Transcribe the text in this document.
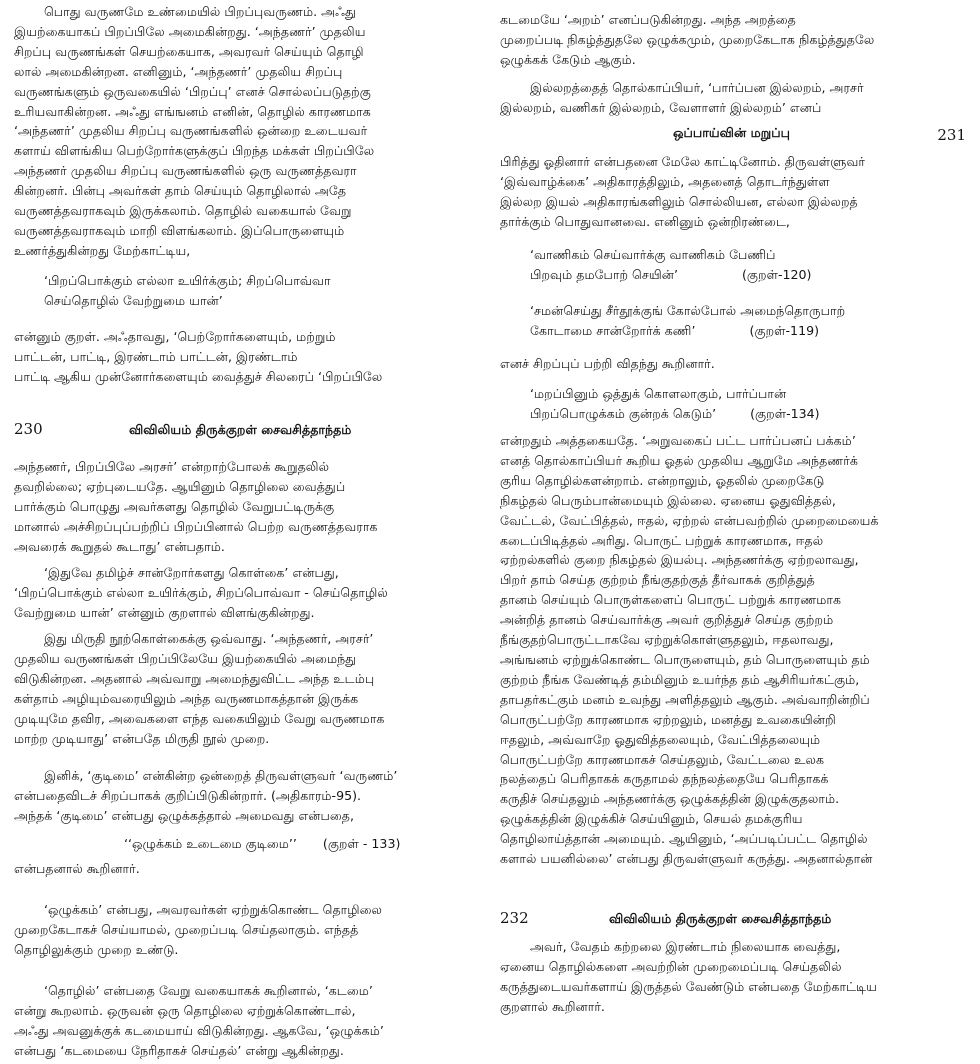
பொது வருணமே உண்மையில் பிறப்புவருணம். அஃது
இயற்கையாகப் பிறப்பிலே அமைகின்றது. ‘அந்தணர்’ முதலிய
சிறப்பு வருணங்கள் செயற்கையாக, அவரவர் செய்யும் தொழி
லால் அமைகின்றன. எனினும், ‘அந்தணர்’ முதலிய சிறப்பு
வருணங்களும் ஒருவகையில் ‘பிறப்பு’ எனச் சொல்லப்படுதற்கு
உரியவாகின்றன. அஃது எங்ஙனம் எனின், தொழில் காரணமாக
‘அந்தணர்’ முதலிய சிறப்பு வருணங்களில் ஒன்றை உடையவர்
களாய் விளங்கிய பெற்றோர்களுக்குப் பிறந்த மக்கள் பிறப்பிலே
அந்தணர் முதலிய சிறப்பு வருணங்களில் ஒரு வருணத்தவரா
கின்றனர். பின்பு அவர்கள் தாம் செய்யும் தொழிலால் அதே
வருணத்தவராகவும் இருக்கலாம். தொழில் வகையால் வேறு
வருணத்தவராகவும் மாறி விளங்கலாம். இப்பொருளையும்
உணர்த்துகின்றது மேற்காட்டிய,
‘பிறப்பொக்கும் எல்லா உயிர்க்கும்; சிறப்பொவ்வா
செய்தொழில் வேற்றுமை யான்’
என்னும் குறள். அஃதாவது, ‘பெற்றோர்களையும், மற்றும்
பாட்டன், பாட்டி, இரண்டாம் பாட்டன், இரண்டாம்
பாட்டி ஆகிய முன்னோர்களையும் வைத்துச் சிலரைப் ‘பிறப்பிலே
230	விவிலியம் திருக்குறள் சைவசித்தாந்தம்
அந்தணர், பிறப்பிலே அரசர்’ என்றாற்போலக் கூறுதலில்
தவறில்லை; ஏற்புடையதே. ஆயினும் தொழிலை வைத்துப்
பார்க்கும் பொழுது அவர்களது தொழில் வேறுபட்டிருக்கு
மானால் அச்சிறப்புப்பற்றிப் பிறப்பினால் பெற்ற வருணத்தவராக
அவரைக் கூறுதல் கூடாது’ என்பதாம்.
‘இதுவே தமிழ்ச் சான்றோர்களது கொள்கை’ என்பது,
‘பிறப்பொக்கும் எல்லா உயிர்க்கும், சிறப்பொவ்வா - செய்தொழில்
வேற்றுமை யான்’ என்னும் குறளால் விளங்குகின்றது.
இது மிருதி நூற்கொள்கைக்கு ஒவ்வாது. ‘அந்தணர், அரசர்’
முதலிய வருணங்கள் பிறப்பிலேயே இயற்கையில் அமைந்து
விடுகின்றன. அதனால் அவ்வாறு அமைந்துவிட்ட அந்த உடம்பு
கள்தாம் அழியும்வரையிலும் அந்த வருணமாகத்தான் இருக்க
முடியுமே தவிர, அவைகளை எந்த வகையிலும் வேறு வருணமாக
மாற்ற முடியாது’ என்பதே மிருதி நூல் முறை.
இனிக், ‘குடிமை’ என்கின்ற ஒன்றைத் திருவள்ளுவர் ‘வருணம்’
என்பதைவிடச் சிறப்பாகக் குறிப்பிடுகின்றார். (அதிகாரம்-95).
அந்தக் ‘குடிமை’ என்பது ஒழுக்கத்தால் அமைவது என்பதை,
‘‘ஒழுக்கம் உடைமை குடிமை’’ (குறள் - 133)
என்பதனால் கூறினார்.
‘ஒழுக்கம்’ என்பது, அவரவர்கள் ஏற்றுக்கொண்ட தொழிலை
முறைகேடாகச் செய்யாமல், முறைப்படி செய்தலாகும். எந்தத்
தொழிலுக்கும் முறை உண்டு.
‘தொழில்’ என்பதை வேறு வகையாகக் கூறினால், ‘கடமை’
என்று கூறலாம். ஒருவன் ஒரு தொழிலை ஏற்றுக்கொண்டால்,
அஃது அவனுக்குக் கடமையாய் விடுகின்றது. ஆகவே, ‘ஒழுக்கம்’
என்பது ‘கடமையை நேரிதாகச் செய்தல்’ என்று ஆகின்றது.
கடமையே ‘அறம்’ எனப்படுகின்றது. அந்த அறத்தை
முறைப்படி நிகழ்த்துதலே ஒழுக்கமும், முறைகேடாக நிகழ்த்துதலே
ஒழுக்கக் கேடும் ஆகும்.
இல்லறத்தைத் தொல்காப்பியர், ‘பார்ப்பன இல்லறம், அரசர்
இல்லறம், வணிகர் இல்லறம், வேளாளர் இல்லறம்’ எனப்
ஒப்பாய்வின் மறுப்பு	231
பிரித்து ஓதினார் என்பதனை மேலே காட்டினோம். திருவள்ளுவர்
‘இவ்வாழ்க்கை’ அதிகாரத்திலும், அதனைத் தொடர்ந்துள்ள
இல்லற இயல் அதிகாரங்களிலும் சொல்லியன, எல்லா இல்லறத்
தார்க்கும் பொதுவானவை. எனினும் ஒன்றிரண்டை,
‘வாணிகம் செய்வார்க்கு வாணிகம் பேணிப்
பிறவும் தமபோற் செயின்’	(குறள்-120)
‘சமன்செய்து சீர்தூக்குங் கோல்போல் அமைந்தொருபாற்
கோடாமை சான்றோர்க் கணி’	(குறள்-119)
எனச் சிறப்புப் பற்றி விதந்து கூறினார்.
‘மறப்பினும் ஒத்துக் கொளலாகும், பார்ப்பான்
பிறப்பொழுக்கம் குன்றக் கெடும்’	(குறள்-134)
என்றதும் அத்தகையதே. ‘அறுவகைப் பட்ட பார்ப்பனப் பக்கம்’
எனத் தொல்காப்பியர் கூறிய ஓதல் முதலிய ஆறுமே அந்தணர்க்
குரிய தொழில்களன்றாம். என்றாலும், ஓதலில் முறைகேடு
நிகழ்தல் பெரும்பான்மையும் இல்லை. ஏனைய ஓதுவித்தல்,
வேட்டல், வேட்பித்தல், ஈதல், ஏற்றல் என்பவற்றில் முறைமையைக்
கடைப்பிடித்தல் அரிது. பொருட் பற்றுக் காரணமாக, ஈதல்
ஏற்றல்களில் குறை நிகழ்தல் இயல்பு. அந்தணர்க்கு ஏற்றலாவது,
பிறர் தாம் செய்த குற்றம் நீங்குதற்குத் தீர்வாகக் குறித்துத்
தானம் செய்யும் பொருள்களைப் பொருட் பற்றுக் காரணமாக
அன்றித் தானம் செய்வார்க்கு அவர் குறித்துச் செய்த குற்றம்
நீங்குதற்பொருட்டாகவே ஏற்றுக்கொள்ளுதலும், ஈதலாவது,
அங்ஙனம் ஏற்றுக்கொண்ட பொருளையும், தம் பொருளையும் தம்
குற்றம் நீங்க வேண்டித் தம்மினும் உயர்ந்த தம் ஆசிரியர்கட்கும்,
தாபதர்கட்கும் மனம் உவந்து அளித்தலும் ஆகும். அவ்வாறின்றிப்
பொருட்பற்றே காரணமாக ஏற்றலும், மனத்து உவகையின்றி
ஈதலும், அவ்வாறே ஓதுவித்தலையும், வேட்பித்தலையும்
பொருட்பற்றே காரணமாகச் செய்தலும், வேட்டலை உலக
நலத்தைப் பெரிதாகக் கருதாமல் தந்நலத்தையே பெரிதாகக்
கருதிச் செய்தலும் அந்தணர்க்கு ஒழுக்கத்தின் இழுக்குதலாம்.
ஒழுக்கத்தின் இழுக்கிச் செய்யினும், செயல் தமக்குரிய
தொழிலாய்த்தான் அமையும். ஆயினும், ‘அப்படிப்பட்ட தொழில்
களால் பயனில்லை’ என்பது திருவள்ளுவர் கருத்து. அதனால்தான்
232	விவிலியம் திருக்குறள் சைவசித்தாந்தம்
அவர், வேதம் கற்றலை இரண்டாம் நிலையாக வைத்து,
ஏனைய தொழில்களை அவற்றின் முறைமைப்படி செய்தலில்
கருத்துடையவர்களாய் இருத்தல் வேண்டும் என்பதை மேற்காட்டிய
குறளால் கூறினார்.
